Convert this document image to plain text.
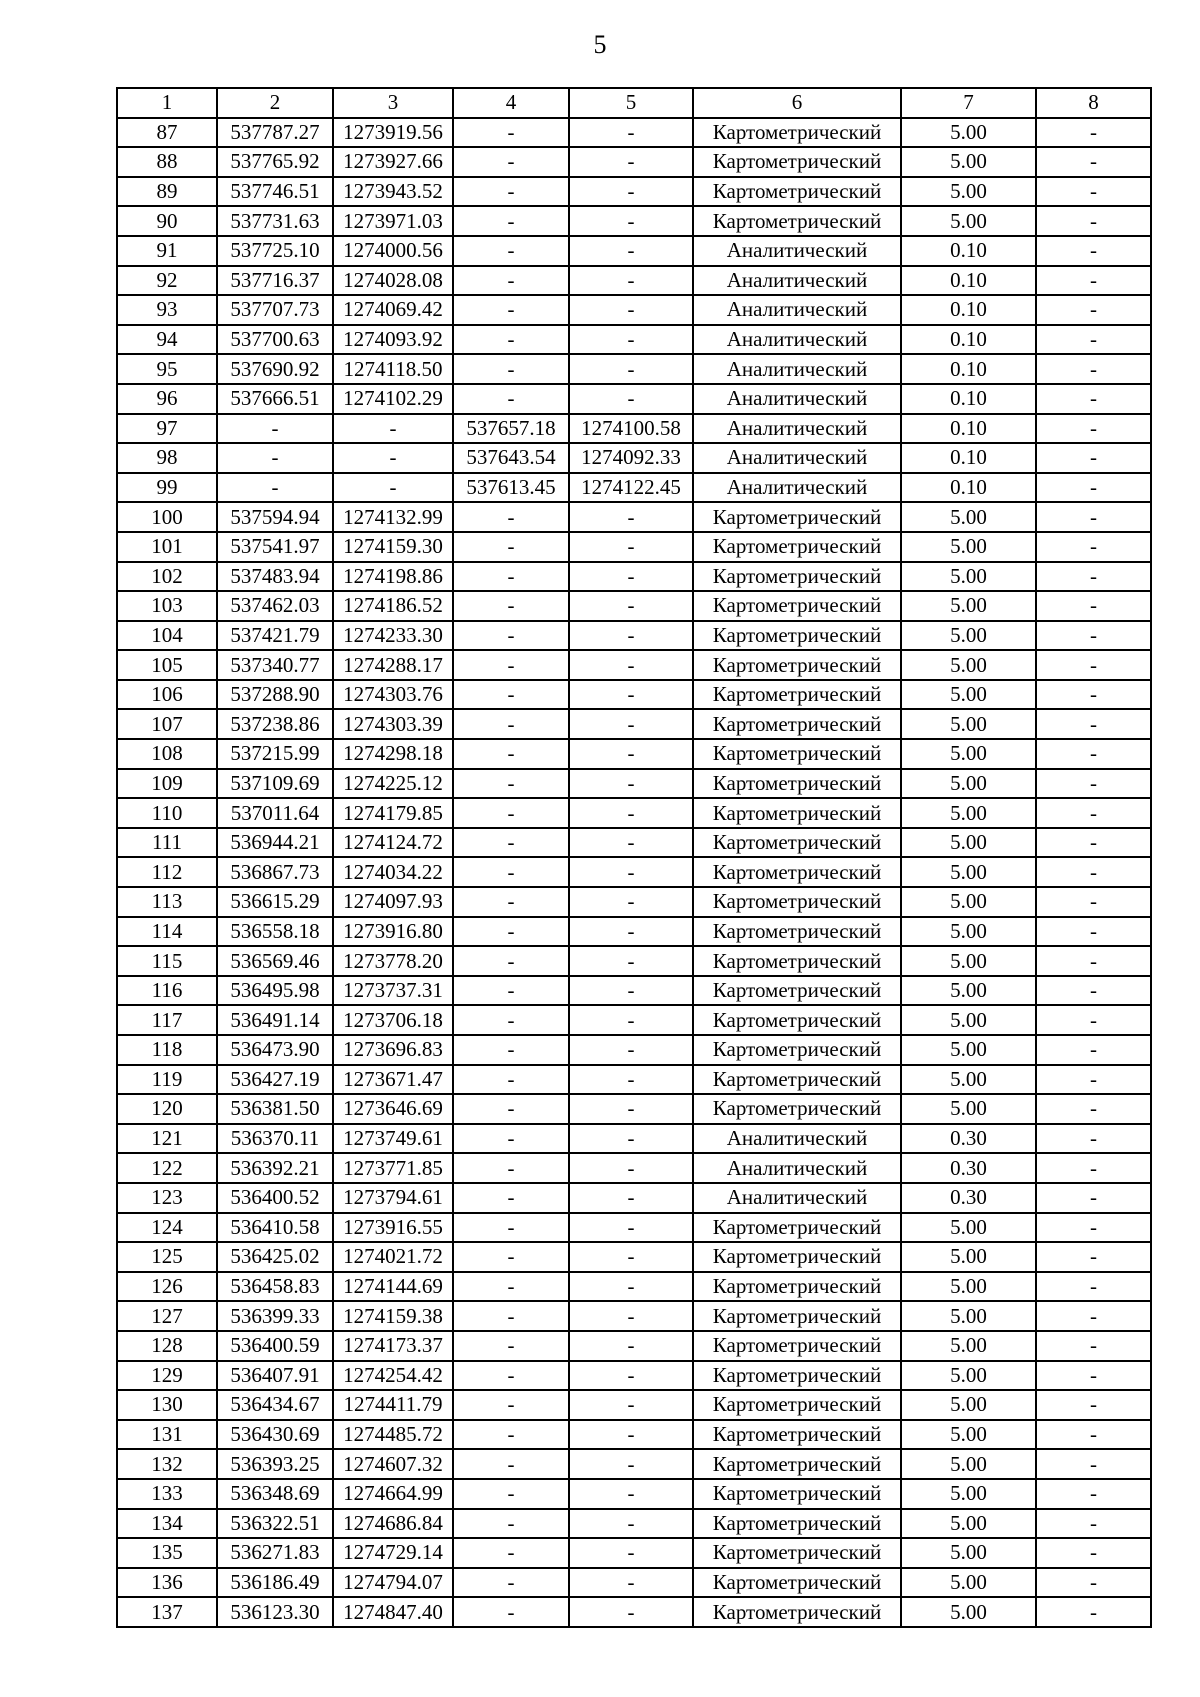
5
1	2	3	4	5	6	7	8
87	537787.27	1273919.56	-	-	Картометрический	5.00	-
88	537765.92	1273927.66	-	-	Картометрический	5.00	-
89	537746.51	1273943.52	-	-	Картометрический	5.00	-
90	537731.63	1273971.03	-	-	Картометрический	5.00	-
91	537725.10	1274000.56	-	-	Аналитический	0.10	-
92	537716.37	1274028.08	-	-	Аналитический	0.10	-
93	537707.73	1274069.42	-	-	Аналитический	0.10	-
94	537700.63	1274093.92	-	-	Аналитический	0.10	-
95	537690.92	1274118.50	-	-	Аналитический	0.10	-
96	537666.51	1274102.29	-	-	Аналитический	0.10	-
97	-	-	537657.18	1274100.58	Аналитический	0.10	-
98	-	-	537643.54	1274092.33	Аналитический	0.10	-
99	-	-	537613.45	1274122.45	Аналитический	0.10	-
100	537594.94	1274132.99	-	-	Картометрический	5.00	-
101	537541.97	1274159.30	-	-	Картометрический	5.00	-
102	537483.94	1274198.86	-	-	Картометрический	5.00	-
103	537462.03	1274186.52	-	-	Картометрический	5.00	-
104	537421.79	1274233.30	-	-	Картометрический	5.00	-
105	537340.77	1274288.17	-	-	Картометрический	5.00	-
106	537288.90	1274303.76	-	-	Картометрический	5.00	-
107	537238.86	1274303.39	-	-	Картометрический	5.00	-
108	537215.99	1274298.18	-	-	Картометрический	5.00	-
109	537109.69	1274225.12	-	-	Картометрический	5.00	-
110	537011.64	1274179.85	-	-	Картометрический	5.00	-
111	536944.21	1274124.72	-	-	Картометрический	5.00	-
112	536867.73	1274034.22	-	-	Картометрический	5.00	-
113	536615.29	1274097.93	-	-	Картометрический	5.00	-
114	536558.18	1273916.80	-	-	Картометрический	5.00	-
115	536569.46	1273778.20	-	-	Картометрический	5.00	-
116	536495.98	1273737.31	-	-	Картометрический	5.00	-
117	536491.14	1273706.18	-	-	Картометрический	5.00	-
118	536473.90	1273696.83	-	-	Картометрический	5.00	-
119	536427.19	1273671.47	-	-	Картометрический	5.00	-
120	536381.50	1273646.69	-	-	Картометрический	5.00	-
121	536370.11	1273749.61	-	-	Аналитический	0.30	-
122	536392.21	1273771.85	-	-	Аналитический	0.30	-
123	536400.52	1273794.61	-	-	Аналитический	0.30	-
124	536410.58	1273916.55	-	-	Картометрический	5.00	-
125	536425.02	1274021.72	-	-	Картометрический	5.00	-
126	536458.83	1274144.69	-	-	Картометрический	5.00	-
127	536399.33	1274159.38	-	-	Картометрический	5.00	-
128	536400.59	1274173.37	-	-	Картометрический	5.00	-
129	536407.91	1274254.42	-	-	Картометрический	5.00	-
130	536434.67	1274411.79	-	-	Картометрический	5.00	-
131	536430.69	1274485.72	-	-	Картометрический	5.00	-
132	536393.25	1274607.32	-	-	Картометрический	5.00	-
133	536348.69	1274664.99	-	-	Картометрический	5.00	-
134	536322.51	1274686.84	-	-	Картометрический	5.00	-
135	536271.83	1274729.14	-	-	Картометрический	5.00	-
136	536186.49	1274794.07	-	-	Картометрический	5.00	-
137	536123.30	1274847.40	-	-	Картометрический	5.00	-
